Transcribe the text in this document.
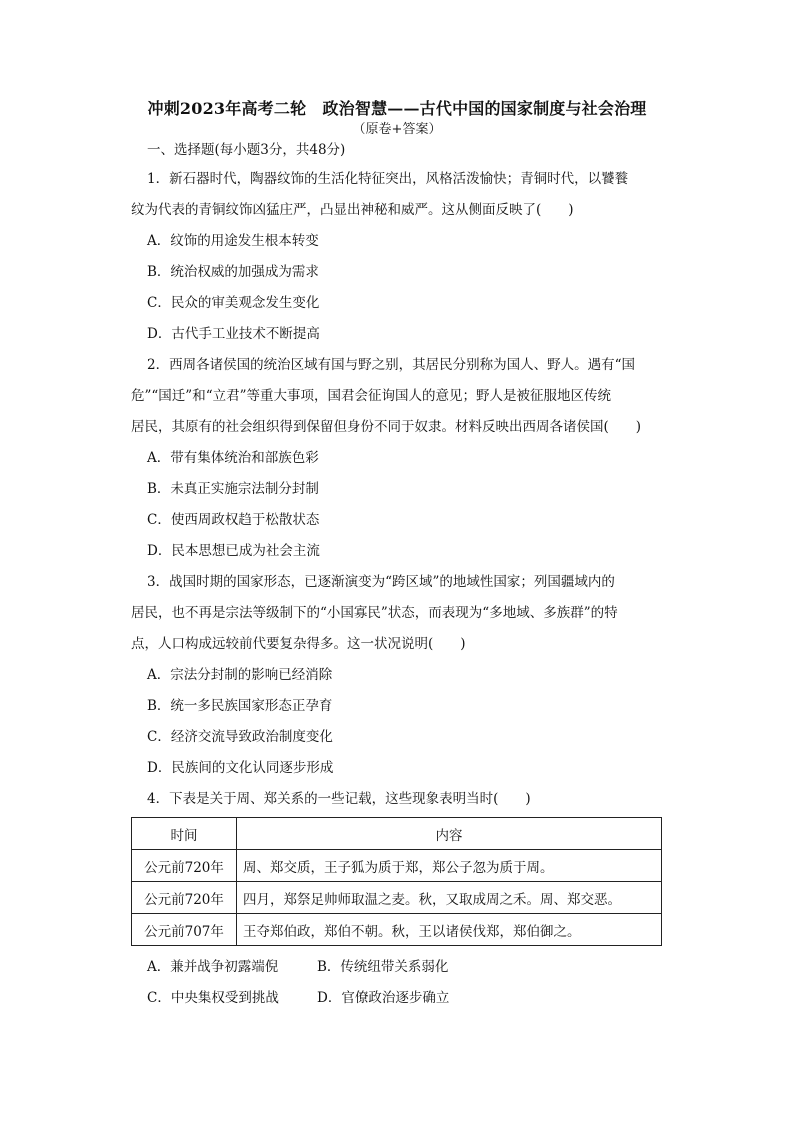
冲刺2023年高考二轮　政治智慧——古代中国的国家制度与社会治理
（原卷+答案）
一、选择题(每小题3分，共48分)
1．新石器时代，陶器纹饰的生活化特征突出，风格活泼愉快；青铜时代，以饕餮
纹为代表的青铜纹饰凶猛庄严，凸显出神秘和威严。这从侧面反映了(　　)
A．纹饰的用途发生根本转变
B．统治权威的加强成为需求
C．民众的审美观念发生变化
D．古代手工业技术不断提高
2．西周各诸侯国的统治区域有国与野之别，其居民分别称为国人、野人。遇有“国
危”“国迁”和“立君”等重大事项，国君会征询国人的意见；野人是被征服地区传统
居民，其原有的社会组织得到保留但身份不同于奴隶。材料反映出西周各诸侯国(　　)
A．带有集体统治和部族色彩
B．未真正实施宗法制分封制
C．使西周政权趋于松散状态
D．民本思想已成为社会主流
3．战国时期的国家形态，已逐渐演变为“跨区域”的地域性国家；列国疆域内的
居民，也不再是宗法等级制下的“小国寡民”状态，而表现为“多地域、多族群”的特
点，人口构成远较前代要复杂得多。这一状况说明(　　)
A．宗法分封制的影响已经消除
B．统一多民族国家形态正孕育
C．经济交流导致政治制度变化
D．民族间的文化认同逐步形成
4．下表是关于周、郑关系的一些记载，这些现象表明当时(　　)
时间	内容
公元前720年	周、郑交质，王子狐为质于郑，郑公子忽为质于周。
公元前720年	四月，郑祭足帅师取温之麦。秋，又取成周之禾。周、郑交恶。
公元前707年	王夺郑伯政，郑伯不朝。秋，王以诸侯伐郑，郑伯御之。
A．兼并战争初露端倪	B．传统纽带关系弱化
C．中央集权受到挑战	D．官僚政治逐步确立
